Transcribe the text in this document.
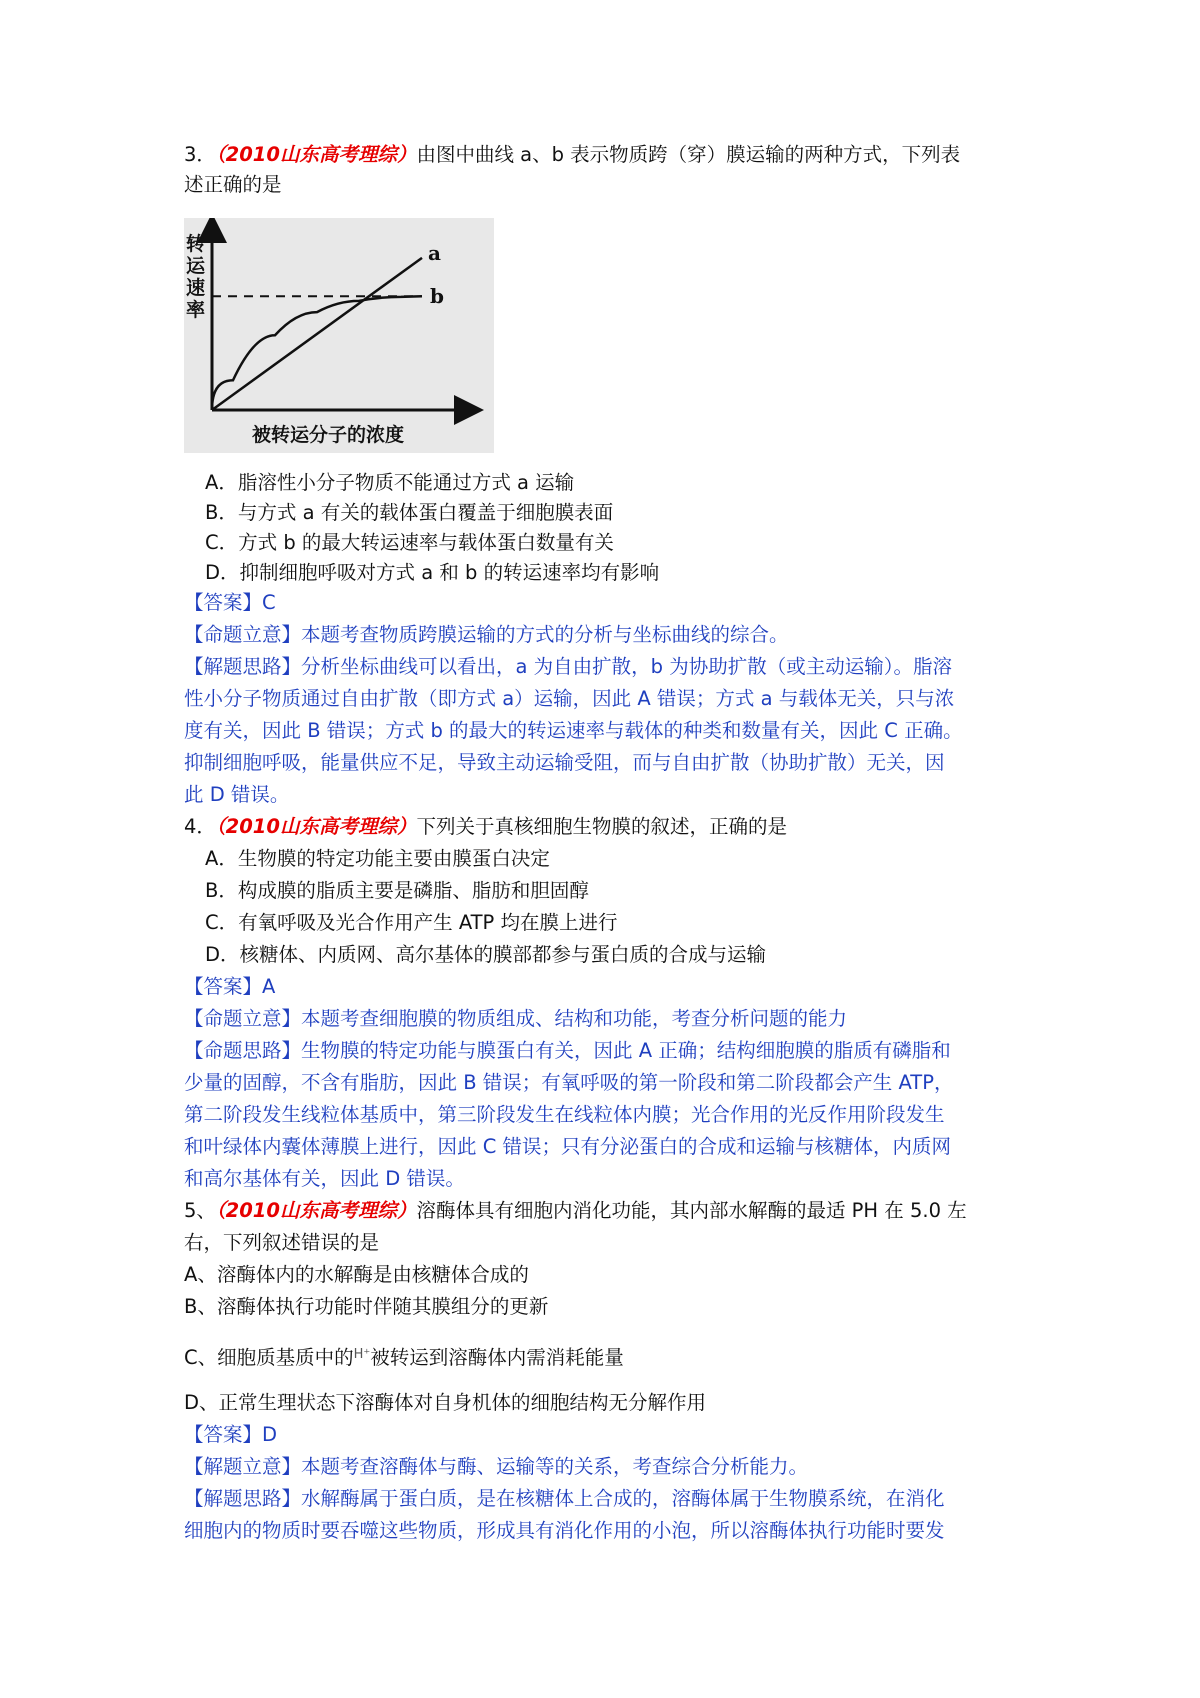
3．（2010山东高考理综）由图中曲线 a、b 表示物质跨（穿）膜运输的两种方式，下列表
述正确的是
a
b
转运速率
被转运分子的浓度
A．脂溶性小分子物质不能通过方式 a 运输
B．与方式 a 有关的载体蛋白覆盖于细胞膜表面
C．方式 b 的最大转运速率与载体蛋白数量有关
D．抑制细胞呼吸对方式 a 和 b 的转运速率均有影响
【答案】C
【命题立意】本题考查物质跨膜运输的方式的分析与坐标曲线的综合。
【解题思路】分析坐标曲线可以看出，a 为自由扩散，b 为协助扩散（或主动运输）。脂溶
性小分子物质通过自由扩散（即方式 a）运输，因此 A 错误；方式 a 与载体无关，只与浓
度有关，因此 B 错误；方式 b 的最大的转运速率与载体的种类和数量有关，因此 C 正确。
抑制细胞呼吸，能量供应不足，导致主动运输受阻，而与自由扩散（协助扩散）无关，因
此 D 错误。
4．（2010山东高考理综）下列关于真核细胞生物膜的叙述，正确的是
A．生物膜的特定功能主要由膜蛋白决定
B．构成膜的脂质主要是磷脂、脂肪和胆固醇
C．有氧呼吸及光合作用产生 ATP 均在膜上进行
D．核糖体、内质网、高尔基体的膜部都参与蛋白质的合成与运输
【答案】A
【命题立意】本题考查细胞膜的物质组成、结构和功能，考查分析问题的能力
【命题思路】生物膜的特定功能与膜蛋白有关，因此 A 正确；结构细胞膜的脂质有磷脂和
少量的固醇，不含有脂肪，因此 B 错误；有氧呼吸的第一阶段和第二阶段都会产生 ATP，
第二阶段发生线粒体基质中，第三阶段发生在线粒体内膜；光合作用的光反作用阶段发生
和叶绿体内囊体薄膜上进行，因此 C 错误；只有分泌蛋白的合成和运输与核糖体，内质网
和高尔基体有关，因此 D 错误。
5、（2010山东高考理综）溶酶体具有细胞内消化功能，其内部水解酶的最适 PH 在 5.0 左
右，下列叙述错误的是
A、溶酶体内的水解酶是由核糖体合成的
B、溶酶体执行功能时伴随其膜组分的更新
C、细胞质基质中的$^{H^+}$被转运到溶酶体内需消耗能量
D、正常生理状态下溶酶体对自身机体的细胞结构无分解作用
【答案】D
【解题立意】本题考查溶酶体与酶、运输等的关系，考查综合分析能力。
【解题思路】水解酶属于蛋白质，是在核糖体上合成的，溶酶体属于生物膜系统，在消化
细胞内的物质时要吞噬这些物质，形成具有消化作用的小泡，所以溶酶体执行功能时要发
